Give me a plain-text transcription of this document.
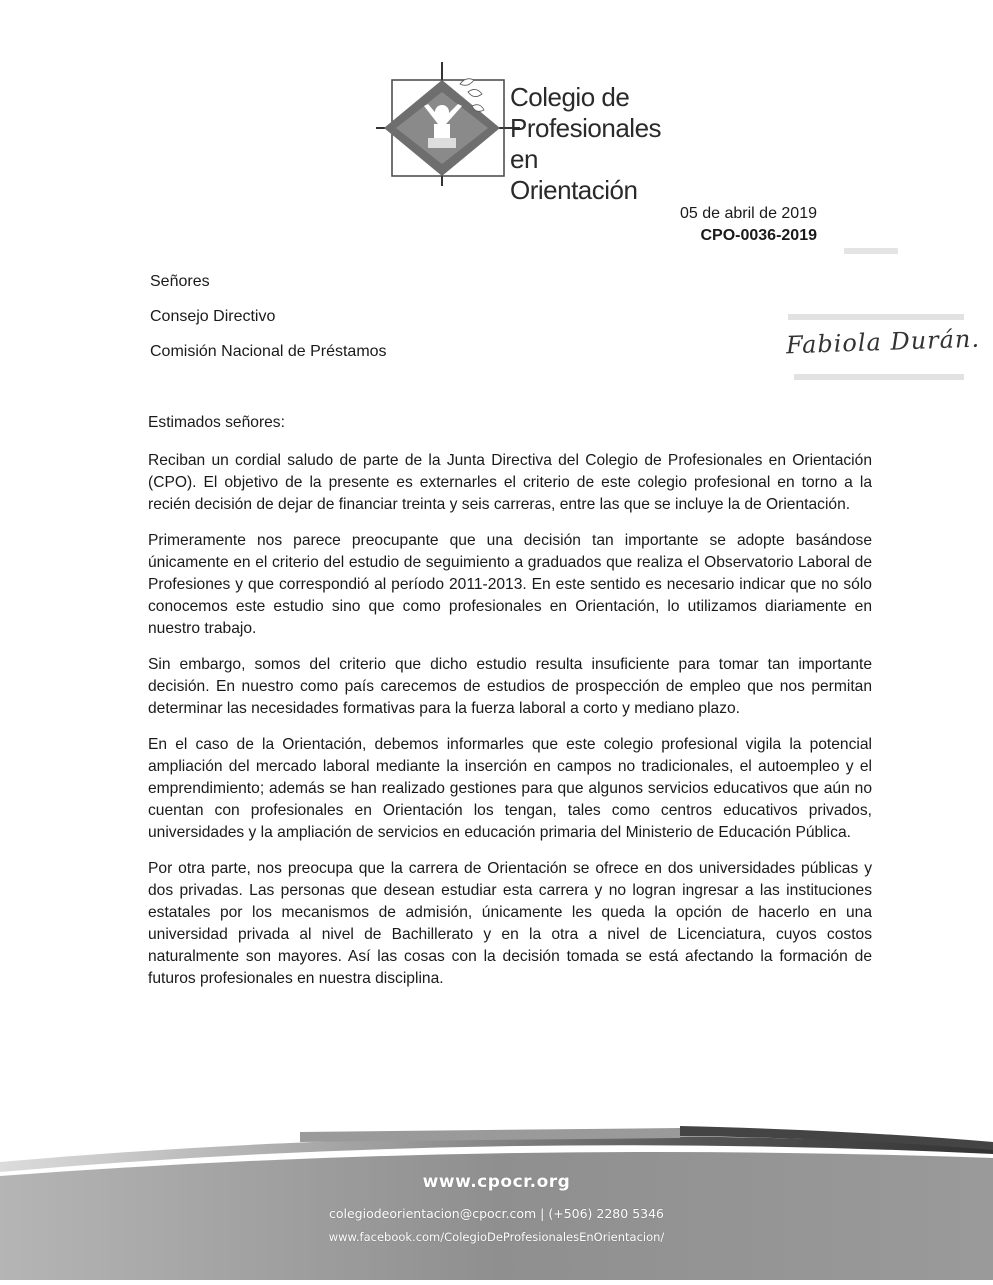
Colegio de
Profesionales
en Orientación
05 de abril de 2019
CPO-0036-2019
Fabiola Durán.
Señores
Consejo Directivo
Comisión Nacional de Préstamos
Estimados señores:

Reciban un cordial saludo de parte de la Junta Directiva del Colegio de Profesionales en Orientación (CPO). El objetivo de la presente es externarles el criterio de este colegio profesional en torno a la recién decisión de dejar de financiar treinta y seis carreras, entre las que se incluye la de Orientación.

Primeramente nos parece preocupante que una decisión tan importante se adopte basándose únicamente en el criterio del estudio de seguimiento a graduados que realiza el Observatorio Laboral de Profesiones y que correspondió al período 2011-2013. En este sentido es necesario indicar que no sólo conocemos este estudio sino que como profesionales en Orientación, lo utilizamos diariamente en nuestro trabajo.

Sin embargo, somos del criterio que dicho estudio resulta insuficiente para tomar tan importante decisión. En nuestro como país carecemos de estudios de prospección de empleo que nos permitan determinar las necesidades formativas para la fuerza laboral a corto y mediano plazo.

En el caso de la Orientación, debemos informarles que este colegio profesional vigila la potencial ampliación del mercado laboral mediante la inserción en campos no tradicionales, el autoempleo y el emprendimiento; además se han realizado gestiones para que algunos servicios educativos que aún no cuentan con profesionales en Orientación los tengan, tales como centros educativos privados, universidades y la ampliación de servicios en educación primaria del Ministerio de Educación Pública.

Por otra parte, nos preocupa que la carrera de Orientación se ofrece en dos universidades públicas y dos privadas. Las personas que desean estudiar esta carrera y no logran ingresar a las instituciones estatales por los mecanismos de admisión, únicamente les queda la opción de hacerlo en una universidad privada al nivel de Bachillerato y en la otra a nivel de Licenciatura, cuyos costos naturalmente son mayores. Así las cosas con la decisión tomada se está afectando la formación de futuros profesionales en nuestra disciplina.

www.cpocr.org
colegiodeorientacion@cpocr.com | (+506) 2280 5346
www.facebook.com/ColegioDeProfesionalesEnOrientacion/
